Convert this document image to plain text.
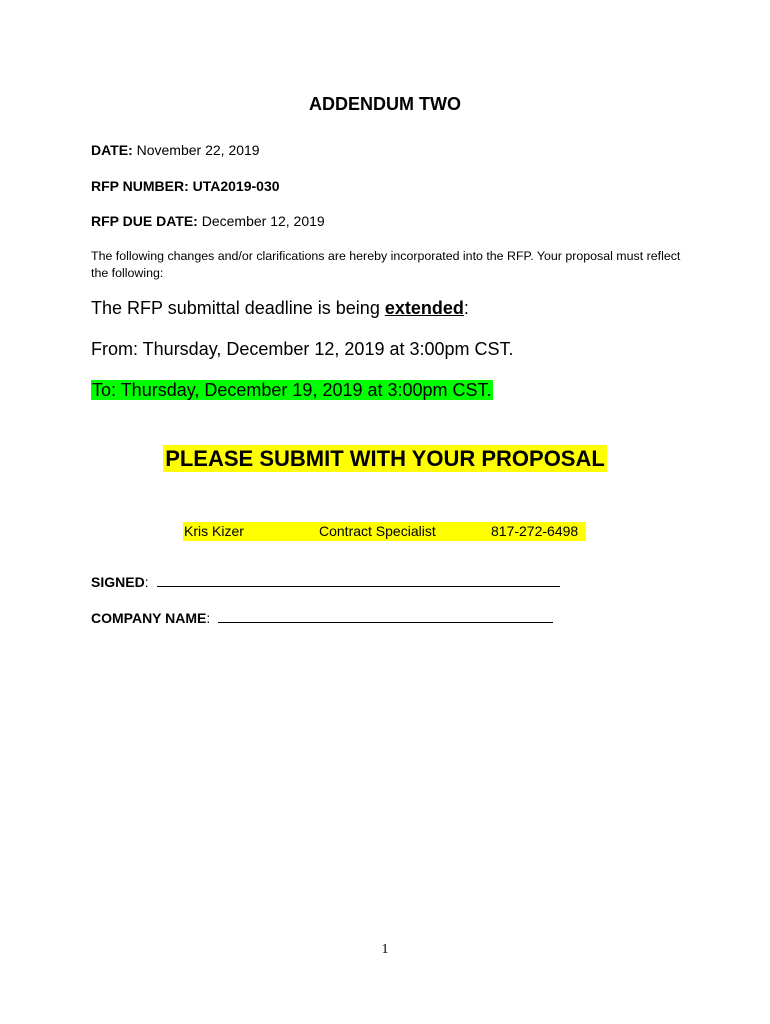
ADDENDUM TWO
DATE: November 22, 2019
RFP NUMBER: UTA2019-030
RFP DUE DATE: December 12, 2019
The following changes and/or clarifications are hereby incorporated into the RFP. Your proposal must reflect the following:
The RFP submittal deadline is being extended:
From: Thursday, December 12, 2019 at 3:00pm CST.
To: Thursday, December 19, 2019 at 3:00pm CST.
PLEASE SUBMIT WITH YOUR PROPOSAL
Kris Kizer	Contract Specialist	817-272-6498
SIGNED:
COMPANY NAME:
1
